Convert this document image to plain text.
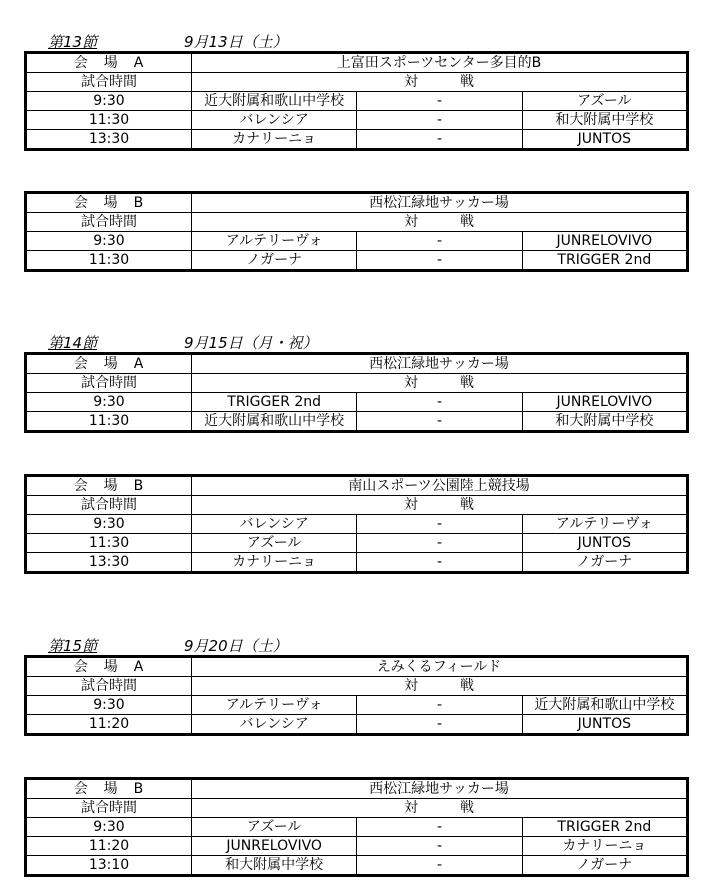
第13節	9月13日（土）
会　場　A	上富田スポーツセンター多目的B		
試合時間	対　　　戦		
9:30	近大附属和歌山中学校	-	アズール
11:30	バレンシア	-	和大附属中学校
13:30	カナリーニョ	-	JUNTOS
会　場　B	西松江緑地サッカー場		
試合時間	対　　　戦		
9:30	アルテリーヴォ	-	JUNRELOVIVO
11:30	ノガーナ	-	TRIGGER 2nd
第14節	9月15日（月・祝）
会　場　A	西松江緑地サッカー場		
試合時間	対　　　戦		
9:30	TRIGGER 2nd	-	JUNRELOVIVO
11:30	近大附属和歌山中学校	-	和大附属中学校
会　場　B	南山スポーツ公園陸上競技場		
試合時間	対　　　戦		
9:30	バレンシア	-	アルテリーヴォ
11:30	アズール	-	JUNTOS
13:30	カナリーニョ	-	ノガーナ
第15節	9月20日（土）
会　場　A	えみくるフィールド		
試合時間	対　　　戦		
9:30	アルテリーヴォ	-	近大附属和歌山中学校
11:20	バレンシア	-	JUNTOS
会　場　B	西松江緑地サッカー場		
試合時間	対　　　戦		
9:30	アズール	-	TRIGGER 2nd
11:20	JUNRELOVIVO	-	カナリーニョ
13:10	和大附属中学校	-	ノガーナ
